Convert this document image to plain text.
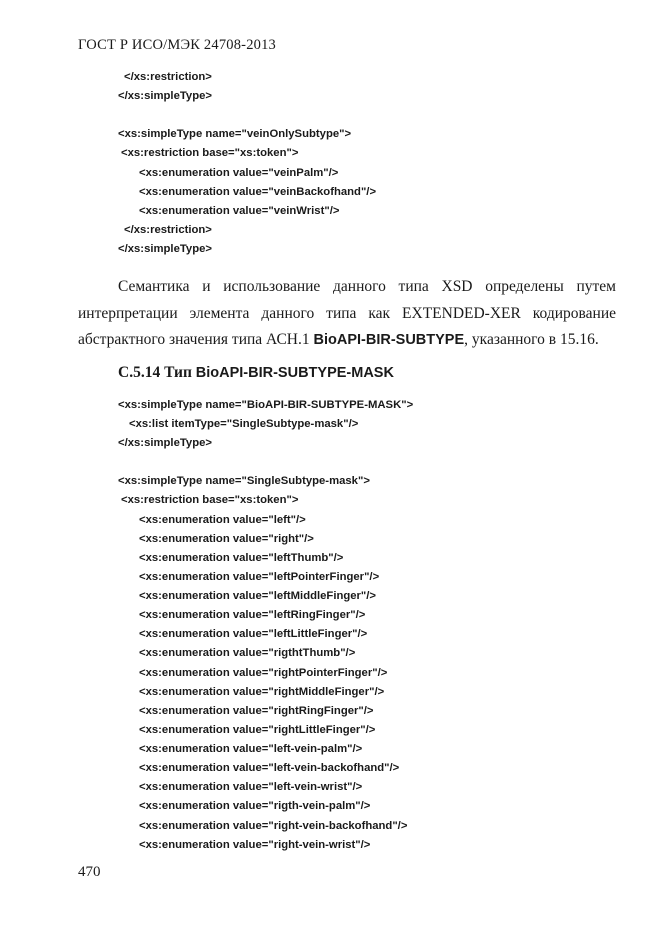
ГОСТ Р ИСО/МЭК 24708-2013
</xs:restriction>
</xs:simpleType>
<xs:simpleType name="veinOnlySubtype">
<xs:restriction base="xs:token">
<xs:enumeration value="veinPalm"/>
<xs:enumeration value="veinBackofhand"/>
<xs:enumeration value="veinWrist"/>
</xs:restriction>
</xs:simpleType>
Семантика и использование данного типа XSD определены путем
интерпретации элемента данного типа как EXTENDED-XER кодирование
абстрактного значения типа АСН.1 BioAPI-BIR-SUBTYPE, указанного в 15.16.
С.5.14 Тип BioAPI-BIR-SUBTYPE-MASK
<xs:simpleType name="BioAPI-BIR-SUBTYPE-MASK">
<xs:list itemType="SingleSubtype-mask"/>
</xs:simpleType>
<xs:simpleType name="SingleSubtype-mask">
<xs:restriction base="xs:token">
<xs:enumeration value="left"/>
<xs:enumeration value="right"/>
<xs:enumeration value="leftThumb"/>
<xs:enumeration value="leftPointerFinger"/>
<xs:enumeration value="leftMiddleFinger"/>
<xs:enumeration value="leftRingFinger"/>
<xs:enumeration value="leftLittleFinger"/>
<xs:enumeration value="rigthtThumb"/>
<xs:enumeration value="rightPointerFinger"/>
<xs:enumeration value="rightMiddleFinger"/>
<xs:enumeration value="rightRingFinger"/>
<xs:enumeration value="rightLittleFinger"/>
<xs:enumeration value="left-vein-palm"/>
<xs:enumeration value="left-vein-backofhand"/>
<xs:enumeration value="left-vein-wrist"/>
<xs:enumeration value="rigth-vein-palm"/>
<xs:enumeration value="right-vein-backofhand"/>
<xs:enumeration value="right-vein-wrist"/>
470
